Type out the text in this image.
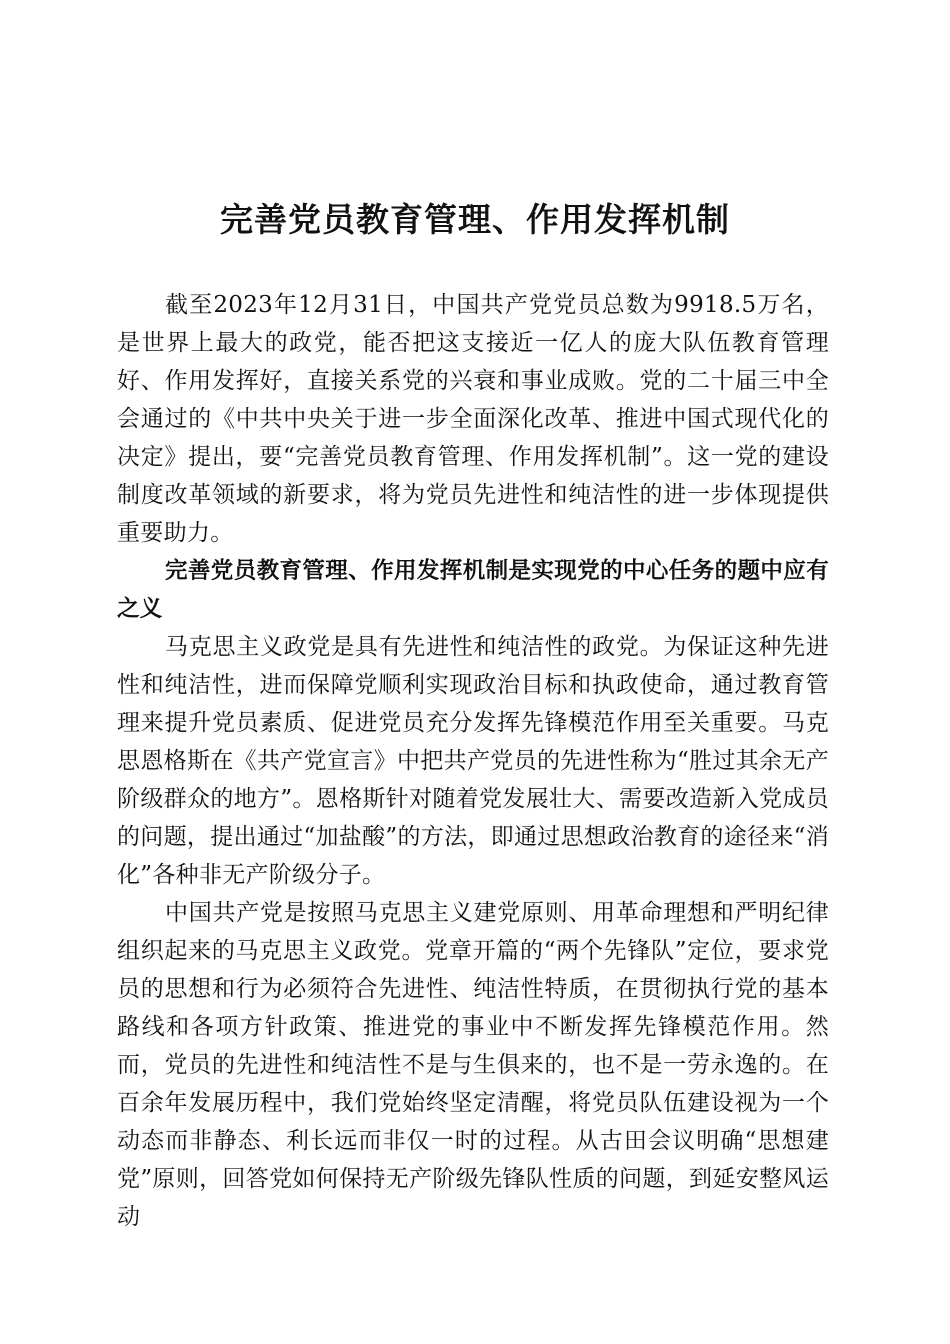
完善党员教育管理、作用发挥机制

截至2023年12月31日，中国共产党党员总数为9918.5万名，是世界上最大的政党，能否把这支接近一亿人的庞大队伍教育管理好、作用发挥好，直接关系党的兴衰和事业成败。党的二十届三中全会通过的《中共中央关于进一步全面深化改革、推进中国式现代化的决定》提出，要“完善党员教育管理、作用发挥机制”。这一党的建设制度改革领域的新要求，将为党员先进性和纯洁性的进一步体现提供重要助力。

完善党员教育管理、作用发挥机制是实现党的中心任务的题中应有之义

马克思主义政党是具有先进性和纯洁性的政党。为保证这种先进性和纯洁性，进而保障党顺利实现政治目标和执政使命，通过教育管理来提升党员素质、促进党员充分发挥先锋模范作用至关重要。马克思恩格斯在《共产党宣言》中把共产党员的先进性称为“胜过其余无产阶级群众的地方”。恩格斯针对随着党发展壮大、需要改造新入党成员的问题，提出通过“加盐酸”的方法，即通过思想政治教育的途径来“消化”各种非无产阶级分子。

中国共产党是按照马克思主义建党原则、用革命理想和严明纪律组织起来的马克思主义政党。党章开篇的“两个先锋队”定位，要求党员的思想和行为必须符合先进性、纯洁性特质，在贯彻执行党的基本路线和各项方针政策、推进党的事业中不断发挥先锋模范作用。然而，党员的先进性和纯洁性不是与生俱来的，也不是一劳永逸的。在百余年发展历程中，我们党始终坚定清醒，将党员队伍建设视为一个动态而非静态、利长远而非仅一时的过程。从古田会议明确“思想建党”原则，回答党如何保持无产阶级先锋队性质的问题，到延安整风运动
